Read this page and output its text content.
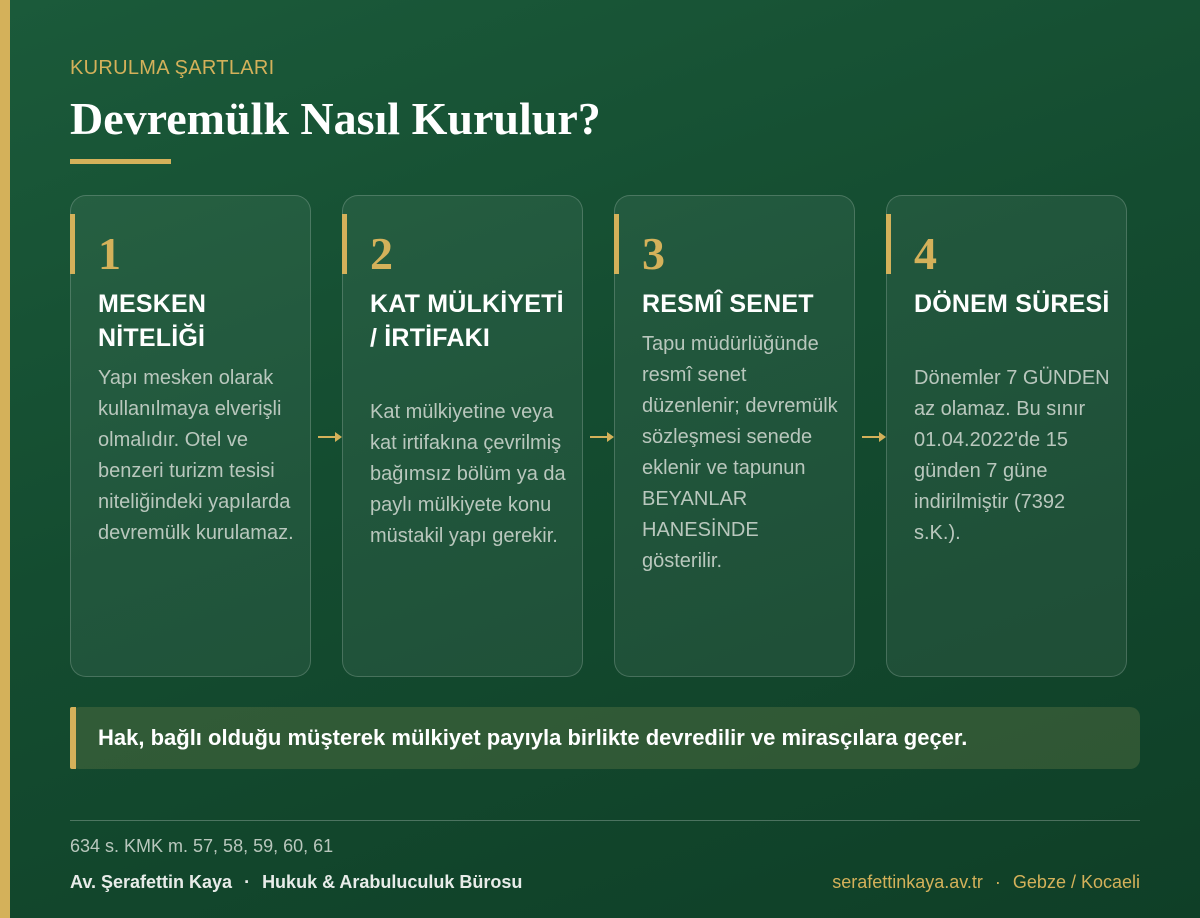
KURULMA ŞARTLARI
Devremülk Nasıl Kurulur?
1
MESKEN NİTELİĞİ
Yapı mesken olarak kullanılmaya elverişli olmalıdır. Otel ve benzeri turizm tesisi niteliğindeki yapılarda devremülk kurulamaz.
2
KAT MÜLKİYETİ / İRTİFAKI
Kat mülkiyetine veya kat irtifakına çevrilmiş bağımsız bölüm ya da paylı mülkiyete konu müstakil yapı gerekir.
3
RESMÎ SENET
Tapu müdürlüğünde resmî senet düzenlenir; devremülk sözleşmesi senede eklenir ve tapunun BEYANLAR HANESİNDE gösterilir.
4
DÖNEM SÜRESİ
Dönemler 7 GÜNDEN az olamaz. Bu sınır 01.04.2022'de 15 günden 7 güne indirilmiştir (7392 s.K.).
Hak, bağlı olduğu müşterek mülkiyet payıyla birlikte devredilir ve mirasçılara geçer.
634 s. KMK m. 57, 58, 59, 60, 61
Av. Şerafettin Kaya · Hukuk & Arabuluculuk Bürosu	serafettinkaya.av.tr · Gebze / Kocaeli
